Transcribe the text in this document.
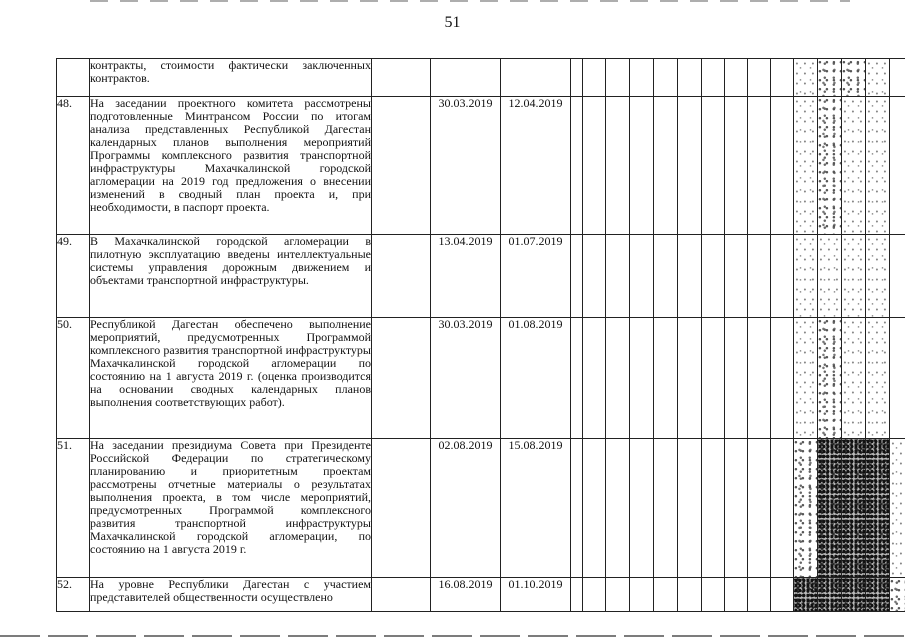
51

	контракты, стоимости фактически заключенных контрактов.																		

48.	На заседании проектного комитета рассмотрены подготовленные Минтрансом России по итогам анализа представленных Республикой Дагестан календарных планов выполнения мероприятий Программы комплексного развития транспортной инфраструктуры Махачкалинской городской агломерации на 2019 год предложения о внесении изменений в сводный план проекта и, при необходимости, в паспорт проекта.		30.03.2019	12.04.2019															
49.	В Махачкалинской городской агломерации в пилотную эксплуатацию введены интеллектуальные системы управления дорожным движением и объектами транспортной инфраструктуры.		13.04.2019	01.07.2019															
50.	Республикой Дагестан обеспечено выполнение мероприятий, предусмотренных Программой комплексного развития транспортной инфраструктуры Махачкалинской городской агломерации по состоянию на 1 августа 2019 г. (оценка производится на основании сводных календарных планов выполнения соответствующих работ).		30.03.2019	01.08.2019															
51.	На заседании президиума Совета при Президенте Российской Федерации по стратегическому планированию и приоритетным проектам рассмотрены отчетные материалы о результатах выполнения проекта, в том числе мероприятий, предусмотренных Программой комплексного развития транспортной инфраструктуры Махачкалинской городской агломерации, по состоянию на 1 августа 2019 г.		02.08.2019	15.08.2019															
52.	На уровне Республики Дагестан с участием представителей общественности осуществлено		16.08.2019	01.10.2019															
